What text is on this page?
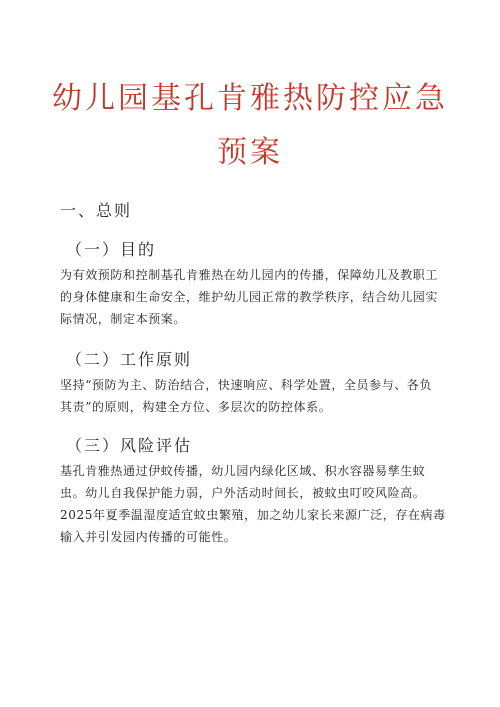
幼儿园基孔肯雅热防控应急
预案
一、总则
（一）目的

为有效预防和控制基孔肯雅热在幼儿园内的传播，保障幼儿及教职工
的身体健康和生命安全，维护幼儿园正常的教学秩序，结合幼儿园实
际情况，制定本预案。

（二）工作原则

坚持“预防为主、防治结合，快速响应、科学处置，全员参与、各负
其责”的原则，构建全方位、多层次的防控体系。

（三）风险评估

基孔肯雅热通过伊蚊传播，幼儿园内绿化区域、积水容器易孳生蚊
虫。幼儿自我保护能力弱，户外活动时间长，被蚊虫叮咬风险高。
2025年夏季温湿度适宜蚊虫繁殖，加之幼儿家长来源广泛，存在病毒
输入并引发园内传播的可能性。
